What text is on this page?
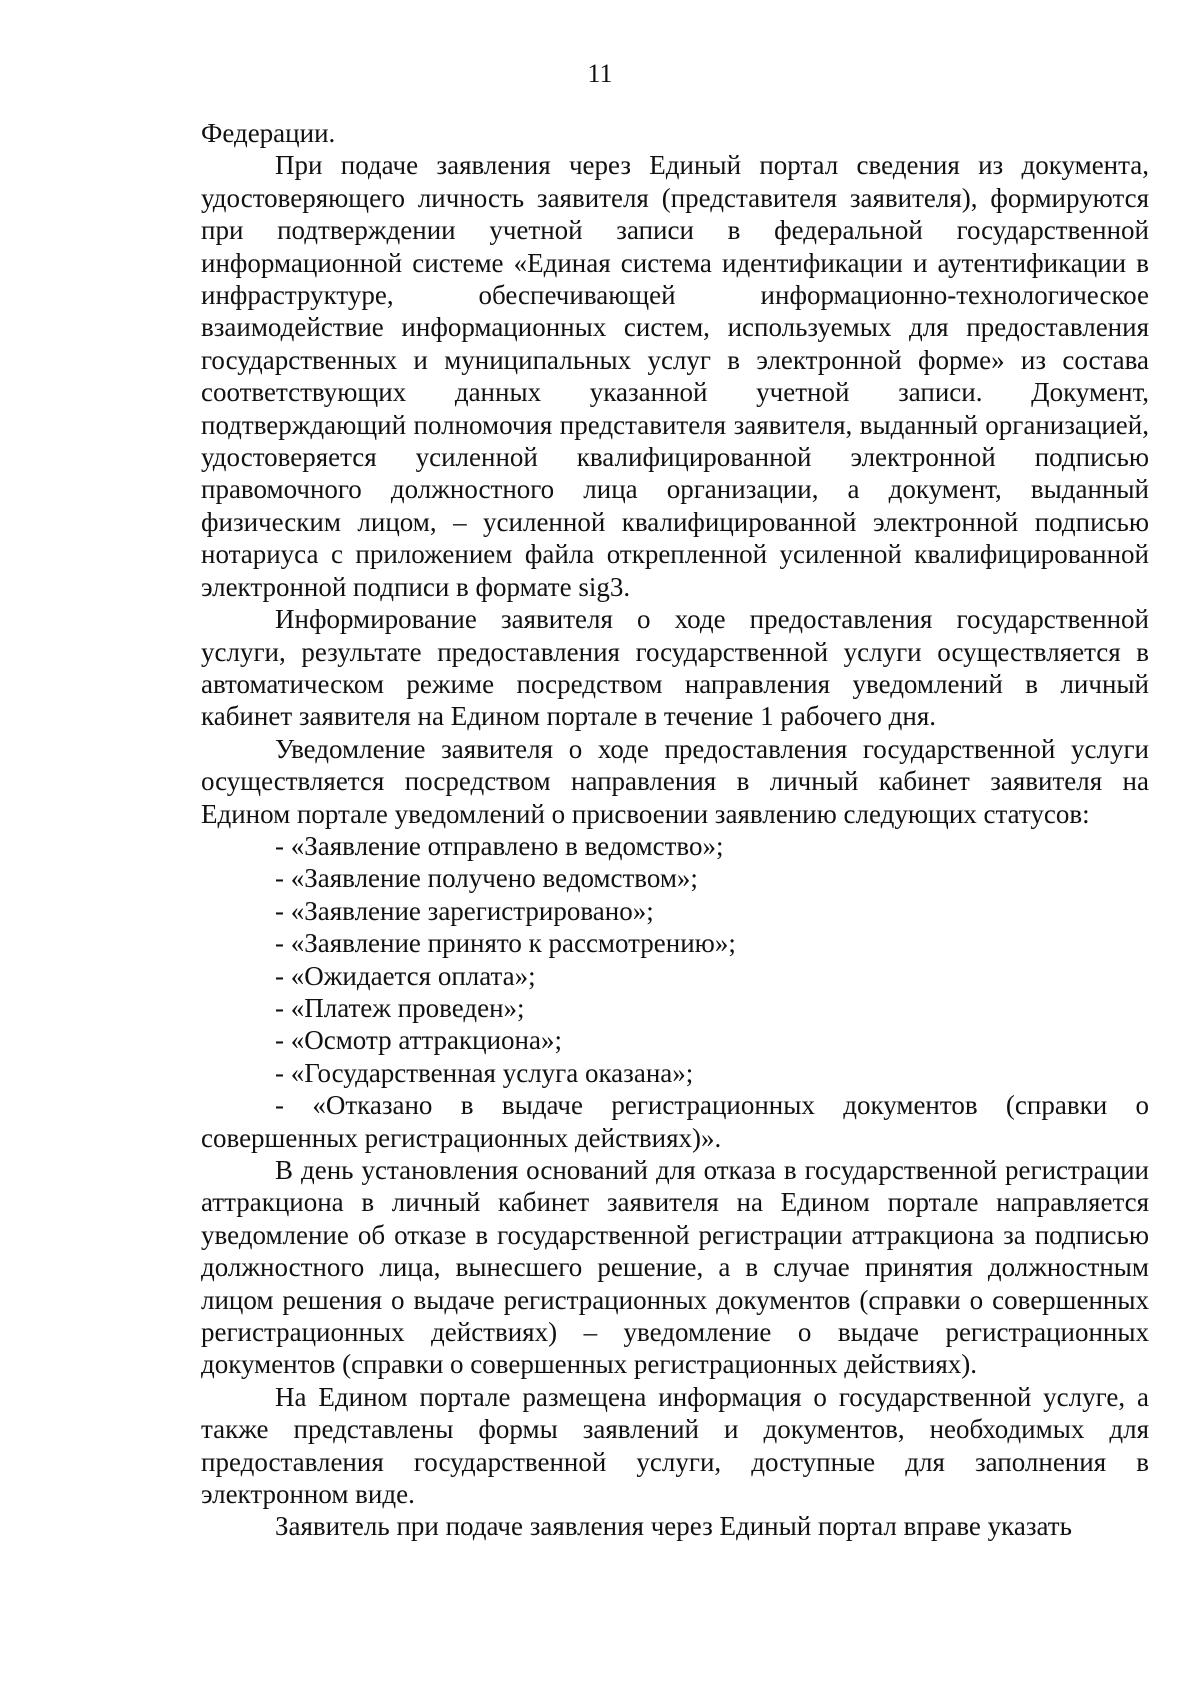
11

Федерации.

При подаче заявления через Единый портал сведения из документа, удостоверяющего личность заявителя (представителя заявителя), формируются при подтверждении учетной записи в федеральной государственной информационной системе «Единая система идентификации и аутентификации в инфраструктуре, обеспечивающей информационно-технологическое взаимодействие информационных систем, используемых для предоставления государственных и муниципальных услуг в электронной форме» из состава соответствующих данных указанной учетной записи. Документ, подтверждающий полномочия представителя заявителя, выданный организацией, удостоверяется усиленной квалифицированной электронной подписью правомочного должностного лица организации, а документ, выданный физическим лицом, – усиленной квалифицированной электронной подписью нотариуса с приложением файла открепленной усиленной квалифицированной электронной подписи в формате sig3.

Информирование заявителя о ходе предоставления государственной услуги, результате предоставления государственной услуги осуществляется в автоматическом режиме посредством направления уведомлений в личный кабинет заявителя на Едином портале в течение 1 рабочего дня.

Уведомление заявителя о ходе предоставления государственной услуги осуществляется посредством направления в личный кабинет заявителя на Едином портале уведомлений о присвоении заявлению следующих статусов:

- «Заявление отправлено в ведомство»;
- «Заявление получено ведомством»;
- «Заявление зарегистрировано»;
- «Заявление принято к рассмотрению»;
- «Ожидается оплата»;
- «Платеж проведен»;
- «Осмотр аттракциона»;
- «Государственная услуга оказана»;
- «Отказано в выдаче регистрационных документов (справки о совершенных регистрационных действиях)».

В день установления оснований для отказа в государственной регистрации аттракциона в личный кабинет заявителя на Едином портале направляется уведомление об отказе в государственной регистрации аттракциона за подписью должностного лица, вынесшего решение, а в случае принятия должностным лицом решения о выдаче регистрационных документов (справки о совершенных регистрационных действиях) – уведомление о выдаче регистрационных документов (справки о совершенных регистрационных действиях).

На Едином портале размещена информация о государственной услуге, а также представлены формы заявлений и документов, необходимых для предоставления государственной услуги, доступные для заполнения в электронном виде.

Заявитель при подаче заявления через Единый портал вправе указать
